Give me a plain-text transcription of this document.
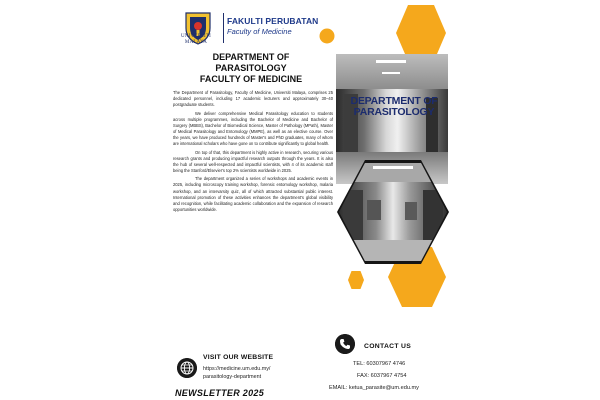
UNIVERSITI
MALAYA
FAKULTI PERUBATAN
Faculty of Medicine
DEPARTMENT OF
PARASITOLOGY
FACULTY OF MEDICINE

The Department of Parasitology, Faculty of Medicine, Universiti Malaya, comprises 25 dedicated personnel, including 17 academic lecturers and approximately 30–40 postgraduate students.

We deliver comprehensive Medical Parasitology education to students across multiple programmes, including the Bachelor of Medicine and Bachelor of Surgery (MBBS), Bachelor of Biomedical Science, Master of Pathology (MPath), Master of Medical Parasitology and Entomology (MMPE), as well as an elective course. Over the years, we have produced hundreds of Master's and PhD graduates, many of whom are international scholars who have gone on to contribute significantly to global health.

On top of that, this department is highly active in research, securing various research grants and producing impactful research outputs through the years. It is also the hub of several well-respected and impactful scientists, with 4 of its academic staff being the Stanford/Elsevier's top 2% scientists worldwide in 2025.

The department organized a series of workshops and academic events in 2025, including microscopy training workshop, forensic entomology workshop, malaria workshop, and an intervarsity quiz, all of which attracted substantial public interest. International promotion of these activities enhances the department's global visibility and recognition, while facilitating academic collaboration and the expansion of research opportunities worldwide.

DEPARTMENT OF
PARASITOLOGY
VISIT OUR WEBSITE
https://medicine.um.edu.my/
parasitology-department
NEWSLETTER 2025
CONTACT US
TEL: 60307967 4746
FAX: 6037967 4754
EMAIL: ketua_parasite@um.edu.my
